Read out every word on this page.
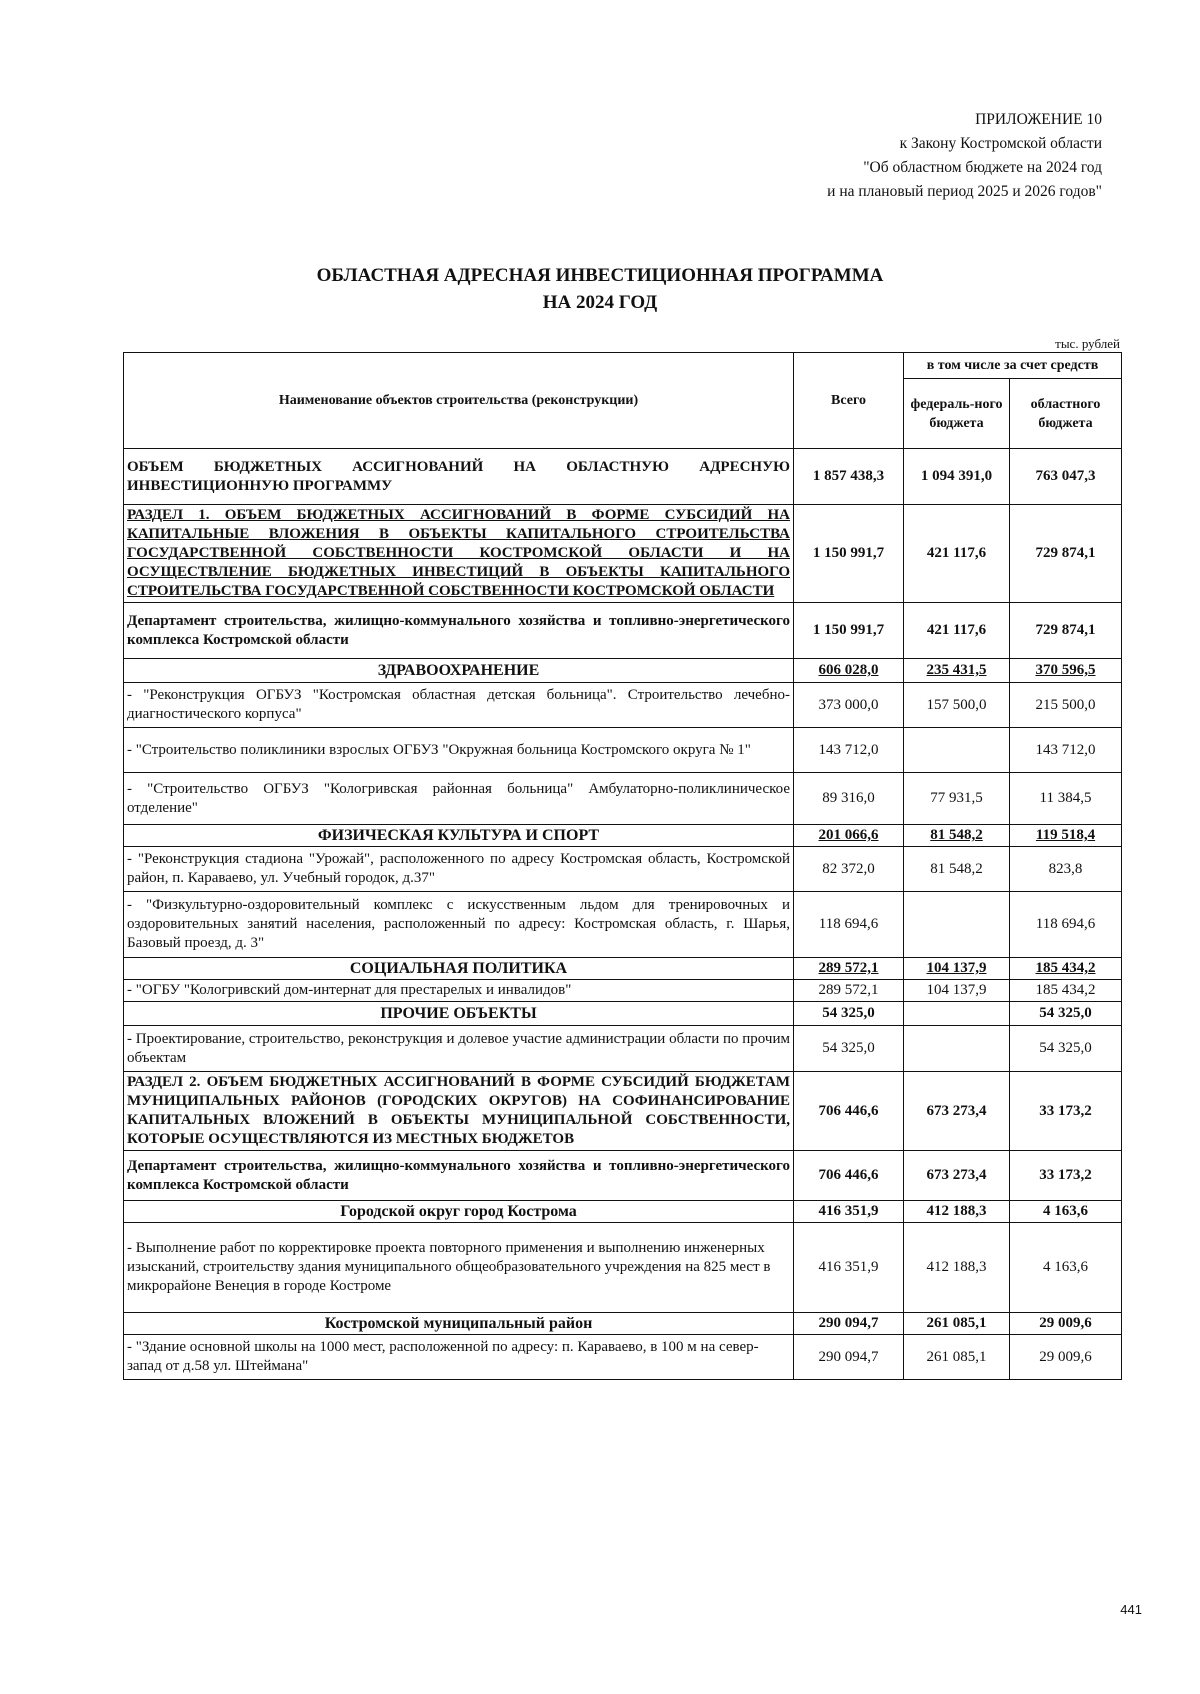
ПРИЛОЖЕНИЕ 10
к Закону Костромской области
"Об областном бюджете на 2024 год
и на плановый период 2025 и 2026 годов"
ОБЛАСТНАЯ АДРЕСНАЯ ИНВЕСТИЦИОННАЯ ПРОГРАММА
НА 2024 ГОД
тыс. рублей
Наименование объектов строительства (реконструкции)	Всего	в том числе за счет средств	
		федераль-ного бюджета	областного бюджета
ОБЪЕМ БЮДЖЕТНЫХ АССИГНОВАНИЙ НА ОБЛАСТНУЮ АДРЕСНУЮ ИНВЕСТИЦИОННУЮ ПРОГРАММУ	1 857 438,3	1 094 391,0	763 047,3
РАЗДЕЛ 1. ОБЪЕМ БЮДЖЕТНЫХ АССИГНОВАНИЙ В ФОРМЕ СУБСИДИЙ НА КАПИТАЛЬНЫЕ ВЛОЖЕНИЯ В ОБЪЕКТЫ КАПИТАЛЬНОГО СТРОИТЕЛЬСТВА ГОСУДАРСТВЕННОЙ СОБСТВЕННОСТИ КОСТРОМСКОЙ ОБЛАСТИ И НА ОСУЩЕСТВЛЕНИЕ БЮДЖЕТНЫХ ИНВЕСТИЦИЙ В ОБЪЕКТЫ КАПИТАЛЬНОГО СТРОИТЕЛЬСТВА ГОСУДАРСТВЕННОЙ СОБСТВЕННОСТИ КОСТРОМСКОЙ ОБЛАСТИ	1 150 991,7	421 117,6	729 874,1
Департамент строительства, жилищно-коммунального хозяйства и топливно-энергетического комплекса Костромской области	1 150 991,7	421 117,6	729 874,1
ЗДРАВООХРАНЕНИЕ	606 028,0	235 431,5	370 596,5
- "Реконструкция ОГБУЗ "Костромская областная детская больница". Строительство лечебно-диагностического корпуса"	373 000,0	157 500,0	215 500,0
- "Строительство поликлиники взрослых ОГБУЗ "Окружная больница Костромского округа № 1"	143 712,0		143 712,0
- "Строительство ОГБУЗ "Кологривская районная больница" Амбулаторно-поликлиническое отделение"	89 316,0	77 931,5	11 384,5
ФИЗИЧЕСКАЯ КУЛЬТУРА И СПОРТ	201 066,6	81 548,2	119 518,4
- "Реконструкция стадиона "Урожай", расположенного по адресу Костромская область, Костромской район, п. Караваево, ул. Учебный городок, д.37"	82 372,0	81 548,2	823,8
- "Физкультурно-оздоровительный комплекс с искусственным льдом для тренировочных и оздоровительных занятий населения, расположенный по адресу: Костромская область, г. Шарья, Базовый проезд, д. 3"	118 694,6		118 694,6
СОЦИАЛЬНАЯ ПОЛИТИКА	289 572,1	104 137,9	185 434,2
- "ОГБУ "Кологривский дом-интернат для престарелых и инвалидов"	289 572,1	104 137,9	185 434,2
ПРОЧИЕ ОБЪЕКТЫ	54 325,0		54 325,0
- Проектирование, строительство, реконструкция и долевое участие администрации области по прочим объектам	54 325,0		54 325,0
РАЗДЕЛ 2. ОБЪЕМ БЮДЖЕТНЫХ АССИГНОВАНИЙ В ФОРМЕ СУБСИДИЙ БЮДЖЕТАМ МУНИЦИПАЛЬНЫХ РАЙОНОВ (ГОРОДСКИХ ОКРУГОВ) НА СОФИНАНСИРОВАНИЕ КАПИТАЛЬНЫХ ВЛОЖЕНИЙ В ОБЪЕКТЫ МУНИЦИПАЛЬНОЙ СОБСТВЕННОСТИ, КОТОРЫЕ ОСУЩЕСТВЛЯЮТСЯ ИЗ МЕСТНЫХ БЮДЖЕТОВ	706 446,6	673 273,4	33 173,2
Департамент строительства, жилищно-коммунального хозяйства и топливно-энергетического комплекса Костромской области	706 446,6	673 273,4	33 173,2
Городской округ город Кострома	416 351,9	412 188,3	4 163,6
- Выполнение работ по корректировке проекта повторного применения и выполнению инженерных изысканий, строительству здания муниципального общеобразовательного учреждения на 825 мест в микрорайоне Венеция в городе Костроме	416 351,9	412 188,3	4 163,6
Костромской муниципальный район	290 094,7	261 085,1	29 009,6
- "Здание основной школы на 1000 мест, расположенной по адресу: п. Караваево, в 100 м на север-запад от д.58 ул. Штеймана"	290 094,7	261 085,1	29 009,6
441
